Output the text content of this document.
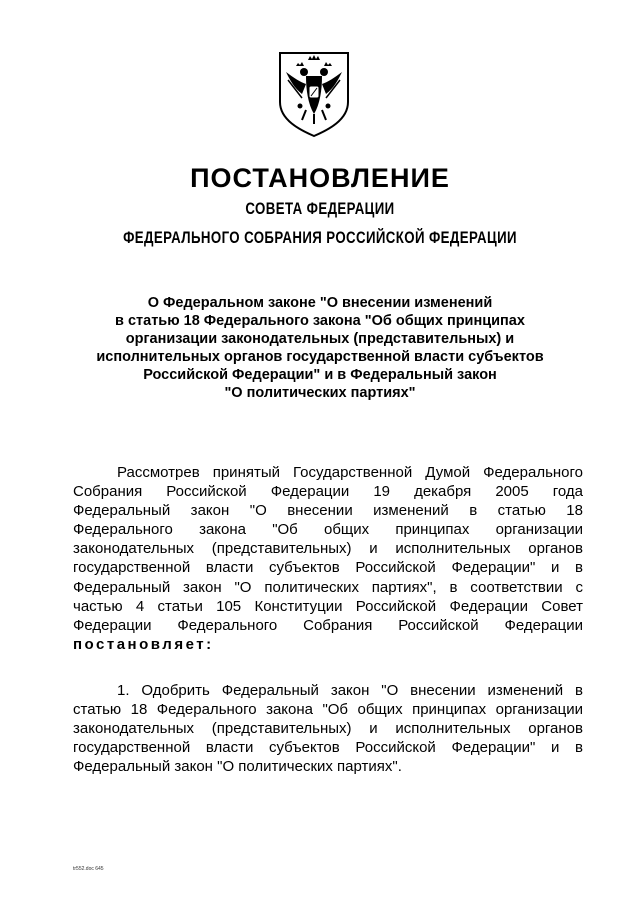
ПОСТАНОВЛЕНИЕ
СОВЕТА ФЕДЕРАЦИИ
ФЕДЕРАЛЬНОГО СОБРАНИЯ РОССИЙСКОЙ ФЕДЕРАЦИИ
О Федеральном законе "О внесении изменений
в статью 18 Федерального закона "Об общих принципах
организации законодательных (представительных) и
исполнительных органов государственной власти субъектов
Российской Федерации" и в Федеральный закон
"О политических партиях"
Рассмотрев принятый Государственной Думой Федерального
Собрания Российской Федерации 19 декабря 2005 года
Федеральный закон "О внесении изменений в статью 18
Федерального закона "Об общих принципах организации
законодательных (представительных) и исполнительных органов
государственной власти субъектов Российской Федерации" и в
Федеральный закон "О политических партиях", в соответствии с
частью 4 статьи 105 Конституции Российской Федерации Совет
Федерации Федерального Собрания Российской Федерации
постановляет:
1. Одобрить Федеральный закон "О внесении изменений в
статью 18 Федерального закона "Об общих принципах организации
законодательных (представительных) и исполнительных органов
государственной власти субъектов Российской Федерации" и в
Федеральный закон "О политических партиях".
tr552.doc 645
